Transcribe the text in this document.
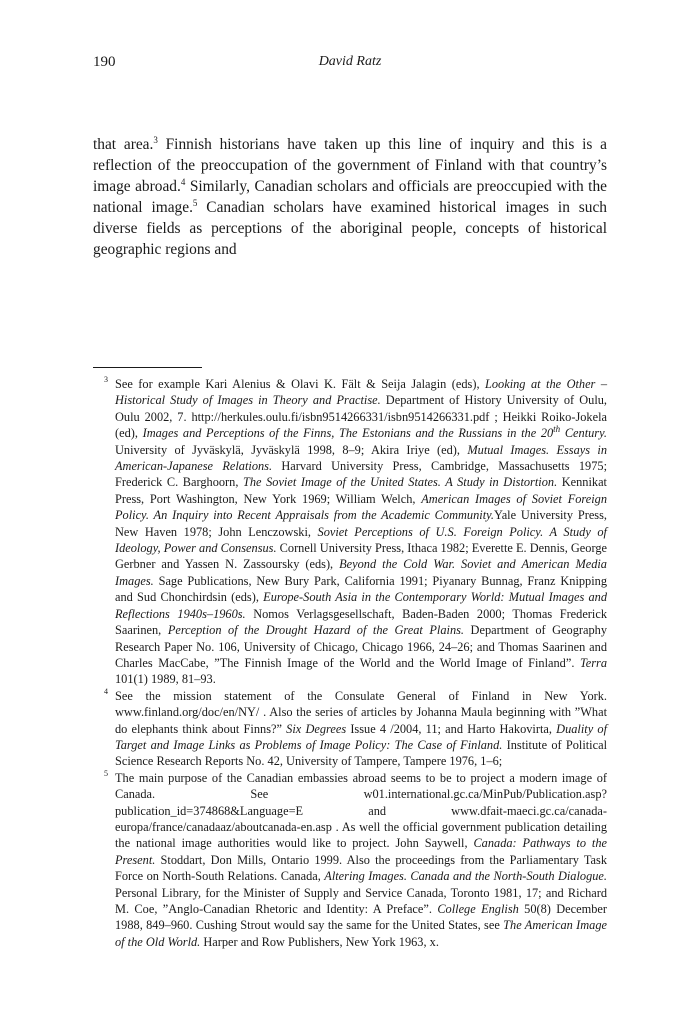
190	David Ratz

that area.$^3$ Finnish historians have taken up this line of inquiry and this is a reflection of the preoccupation of the government of Finland with that country’s image abroad.$^4$ Similarly, Canadian scholars and officials are preoccupied with the national image.$^5$ Canadian scholars have examined historical images in such diverse fields as perceptions of the aboriginal people, concepts of historical geographic regions and

3 See for example Kari Alenius & Olavi K. Fält & Seija Jalagin (eds), Looking at the Other – Historical Study of Images in Theory and Practise. Department of History University of Oulu, Oulu 2002, 7. http://herkules.oulu.fi/isbn9514266331/isbn9514266331.pdf ; Heikki Roiko-Jokela (ed), Images and Perceptions of the Finns, The Estonians and the Russians in the 20th Century. University of Jyväskylä, Jyväskylä 1998, 8–9; Akira Iriye (ed), Mutual Images. Essays in American-Japanese Relations. Harvard University Press, Cambridge, Massachusetts 1975; Frederick C. Barghoorn, The Soviet Image of the United States. A Study in Distortion. Kennikat Press, Port Washington, New York 1969; William Welch, American Images of Soviet Foreign Policy. An Inquiry into Recent Appraisals from the Academic Community.Yale University Press, New Haven 1978; John Lenczowski, Soviet Perceptions of U.S. Foreign Policy. A Study of Ideology, Power and Consensus. Cornell University Press, Ithaca 1982; Everette E. Dennis, George Gerbner and Yassen N. Zassoursky (eds), Beyond the Cold War. Soviet and American Media Images. Sage Publications, New Bury Park, California 1991; Piyanary Bunnag, Franz Knipping and Sud Chonchirdsin (eds), Europe-South Asia in the Contemporary World: Mutual Images and Reflections 1940s–1960s. Nomos Verlagsgesellschaft, Baden-Baden 2000; Thomas Frederick Saarinen, Perception of the Drought Hazard of the Great Plains. Department of Geography Research Paper No. 106, University of Chicago, Chicago 1966, 24–26; and Thomas Saarinen and Charles MacCabe, ”The Finnish Image of the World and the World Image of Finland”. Terra 101(1) 1989, 81–93.

4 See the mission statement of the Consulate General of Finland in New York. www.finland.org/doc/en/NY/ . Also the series of articles by Johanna Maula beginning with ”What do elephants think about Finns?” Six Degrees Issue 4 /2004, 11; and Harto Hakovirta, Duality of Target and Image Links as Problems of Image Policy: The Case of Finland. Institute of Political Science Research Reports No. 42, University of Tampere, Tampere 1976, 1–6;

5 The main purpose of the Canadian embassies abroad seems to be to project a modern image of Canada. See w01.international.gc.ca/MinPub/Publication.asp?publication_id=374868&Language=E and www.dfait-maeci.gc.ca/canada-europa/france/canadaaz/aboutcanada-en.asp . As well the official government publication detailing the national image authorities would like to project. John Saywell, Canada: Pathways to the Present. Stoddart, Don Mills, Ontario 1999. Also the proceedings from the Parliamentary Task Force on North-South Relations. Canada, Altering Images. Canada and the North-South Dialogue. Personal Library, for the Minister of Supply and Service Canada, Toronto 1981, 17; and Richard M. Coe, ”Anglo-Canadian Rhetoric and Identity: A Preface”. College English 50(8) December 1988, 849–960. Cushing Strout would say the same for the United States, see The American Image of the Old World. Harper and Row Publishers, New York 1963, x.
